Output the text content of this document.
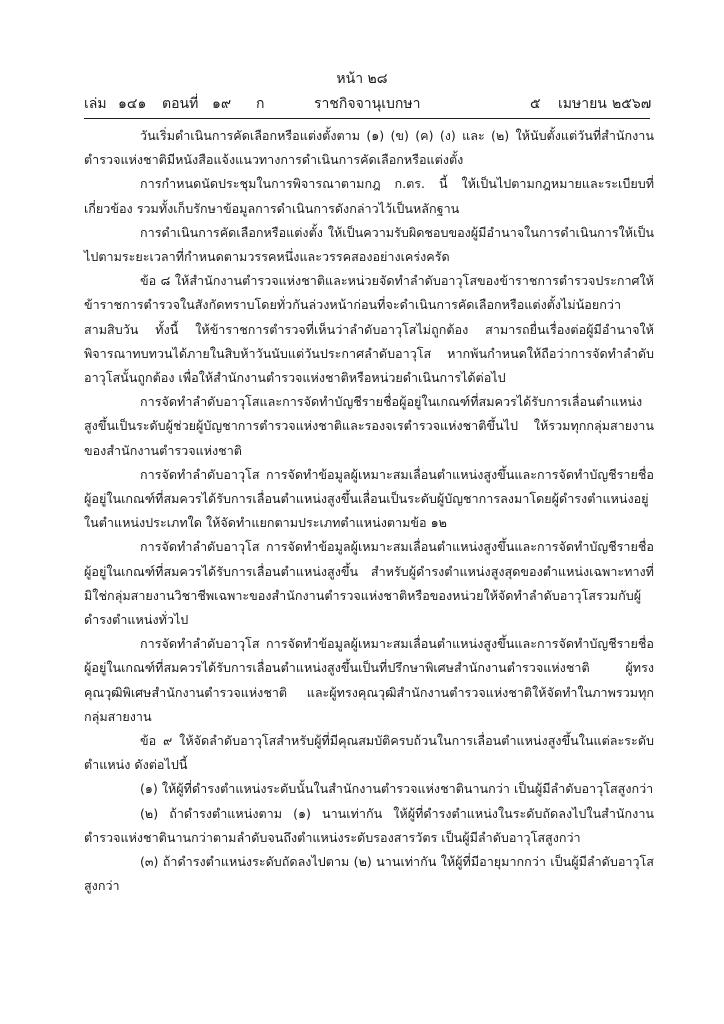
หน้า ๒๘
เล่ม ๑๔๑ ตอนที่ ๑๙ ก	ราชกิจจานุเบกษา	๕ เมษายน ๒๕๖๗

วันเริ่มดำเนินการคัดเลือกหรือแต่งตั้งตาม (๑) (ข) (ค) (ง) และ (๒) ให้นับตั้งแต่วันที่สำนักงานตำรวจแห่งชาติมีหนังสือแจ้งแนวทางการดำเนินการคัดเลือกหรือแต่งตั้ง

การกำหนดนัดประชุมในการพิจารณาตามกฎ ก.ตร. นี้ ให้เป็นไปตามกฎหมายและระเบียบที่เกี่ยวข้อง รวมทั้งเก็บรักษาข้อมูลการดำเนินการดังกล่าวไว้เป็นหลักฐาน

การดำเนินการคัดเลือกหรือแต่งตั้ง ให้เป็นความรับผิดชอบของผู้มีอำนาจในการดำเนินการให้เป็นไปตามระยะเวลาที่กำหนดตามวรรคหนึ่งและวรรคสองอย่างเคร่งครัด

ข้อ ๘ ให้สำนักงานตำรวจแห่งชาติและหน่วยจัดทำลำดับอาวุโสของข้าราชการตำรวจประกาศให้ข้าราชการตำรวจในสังกัดทราบโดยทั่วกันล่วงหน้าก่อนที่จะดำเนินการคัดเลือกหรือแต่งตั้งไม่น้อยกว่าสามสิบวัน ทั้งนี้ ให้ข้าราชการตำรวจที่เห็นว่าลำดับอาวุโสไม่ถูกต้อง สามารถยื่นเรื่องต่อผู้มีอำนาจให้พิจารณาทบทวนได้ภายในสิบห้าวันนับแต่วันประกาศลำดับอาวุโส หากพ้นกำหนดให้ถือว่าการจัดทำลำดับอาวุโสนั้นถูกต้อง เพื่อให้สำนักงานตำรวจแห่งชาติหรือหน่วยดำเนินการได้ต่อไป

การจัดทำลำดับอาวุโสและการจัดทำบัญชีรายชื่อผู้อยู่ในเกณฑ์ที่สมควรได้รับการเลื่อนตำแหน่งสูงขึ้นเป็นระดับผู้ช่วยผู้บัญชาการตำรวจแห่งชาติและรองจเรตำรวจแห่งชาติขึ้นไป ให้รวมทุกกลุ่มสายงานของสำนักงานตำรวจแห่งชาติ

การจัดทำลำดับอาวุโส การจัดทำข้อมูลผู้เหมาะสมเลื่อนตำแหน่งสูงขึ้นและการจัดทำบัญชีรายชื่อผู้อยู่ในเกณฑ์ที่สมควรได้รับการเลื่อนตำแหน่งสูงขึ้นเลื่อนเป็นระดับผู้บัญชาการลงมาโดยผู้ดำรงตำแหน่งอยู่ในตำแหน่งประเภทใด ให้จัดทำแยกตามประเภทตำแหน่งตามข้อ ๑๒

การจัดทำลำดับอาวุโส การจัดทำข้อมูลผู้เหมาะสมเลื่อนตำแหน่งสูงขึ้นและการจัดทำบัญชีรายชื่อผู้อยู่ในเกณฑ์ที่สมควรได้รับการเลื่อนตำแหน่งสูงขึ้น สำหรับผู้ดำรงตำแหน่งสูงสุดของตำแหน่งเฉพาะทางที่มิใช่กลุ่มสายงานวิชาชีพเฉพาะของสำนักงานตำรวจแห่งชาติหรือของหน่วยให้จัดทำลำดับอาวุโสรวมกับผู้ดำรงตำแหน่งทั่วไป

การจัดทำลำดับอาวุโส การจัดทำข้อมูลผู้เหมาะสมเลื่อนตำแหน่งสูงขึ้นและการจัดทำบัญชีรายชื่อผู้อยู่ในเกณฑ์ที่สมควรได้รับการเลื่อนตำแหน่งสูงขึ้นเป็นที่ปรึกษาพิเศษสำนักงานตำรวจแห่งชาติ ผู้ทรงคุณวุฒิพิเศษสำนักงานตำรวจแห่งชาติ และผู้ทรงคุณวุฒิสำนักงานตำรวจแห่งชาติให้จัดทำในภาพรวมทุกกลุ่มสายงาน

ข้อ ๙ ให้จัดลำดับอาวุโสสำหรับผู้ที่มีคุณสมบัติครบถ้วนในการเลื่อนตำแหน่งสูงขึ้นในแต่ละระดับตำแหน่ง ดังต่อไปนี้

(๑) ให้ผู้ที่ดำรงตำแหน่งระดับนั้นในสำนักงานตำรวจแห่งชาตินานกว่า เป็นผู้มีลำดับอาวุโสสูงกว่า

(๒) ถ้าดำรงตำแหน่งตาม (๑) นานเท่ากัน ให้ผู้ที่ดำรงตำแหน่งในระดับถัดลงไปในสำนักงานตำรวจแห่งชาตินานกว่าตามลำดับจนถึงตำแหน่งระดับรองสารวัตร เป็นผู้มีลำดับอาวุโสสูงกว่า

(๓) ถ้าดำรงตำแหน่งระดับถัดลงไปตาม (๒) นานเท่ากัน ให้ผู้ที่มีอายุมากกว่า เป็นผู้มีลำดับอาวุโสสูงกว่า
